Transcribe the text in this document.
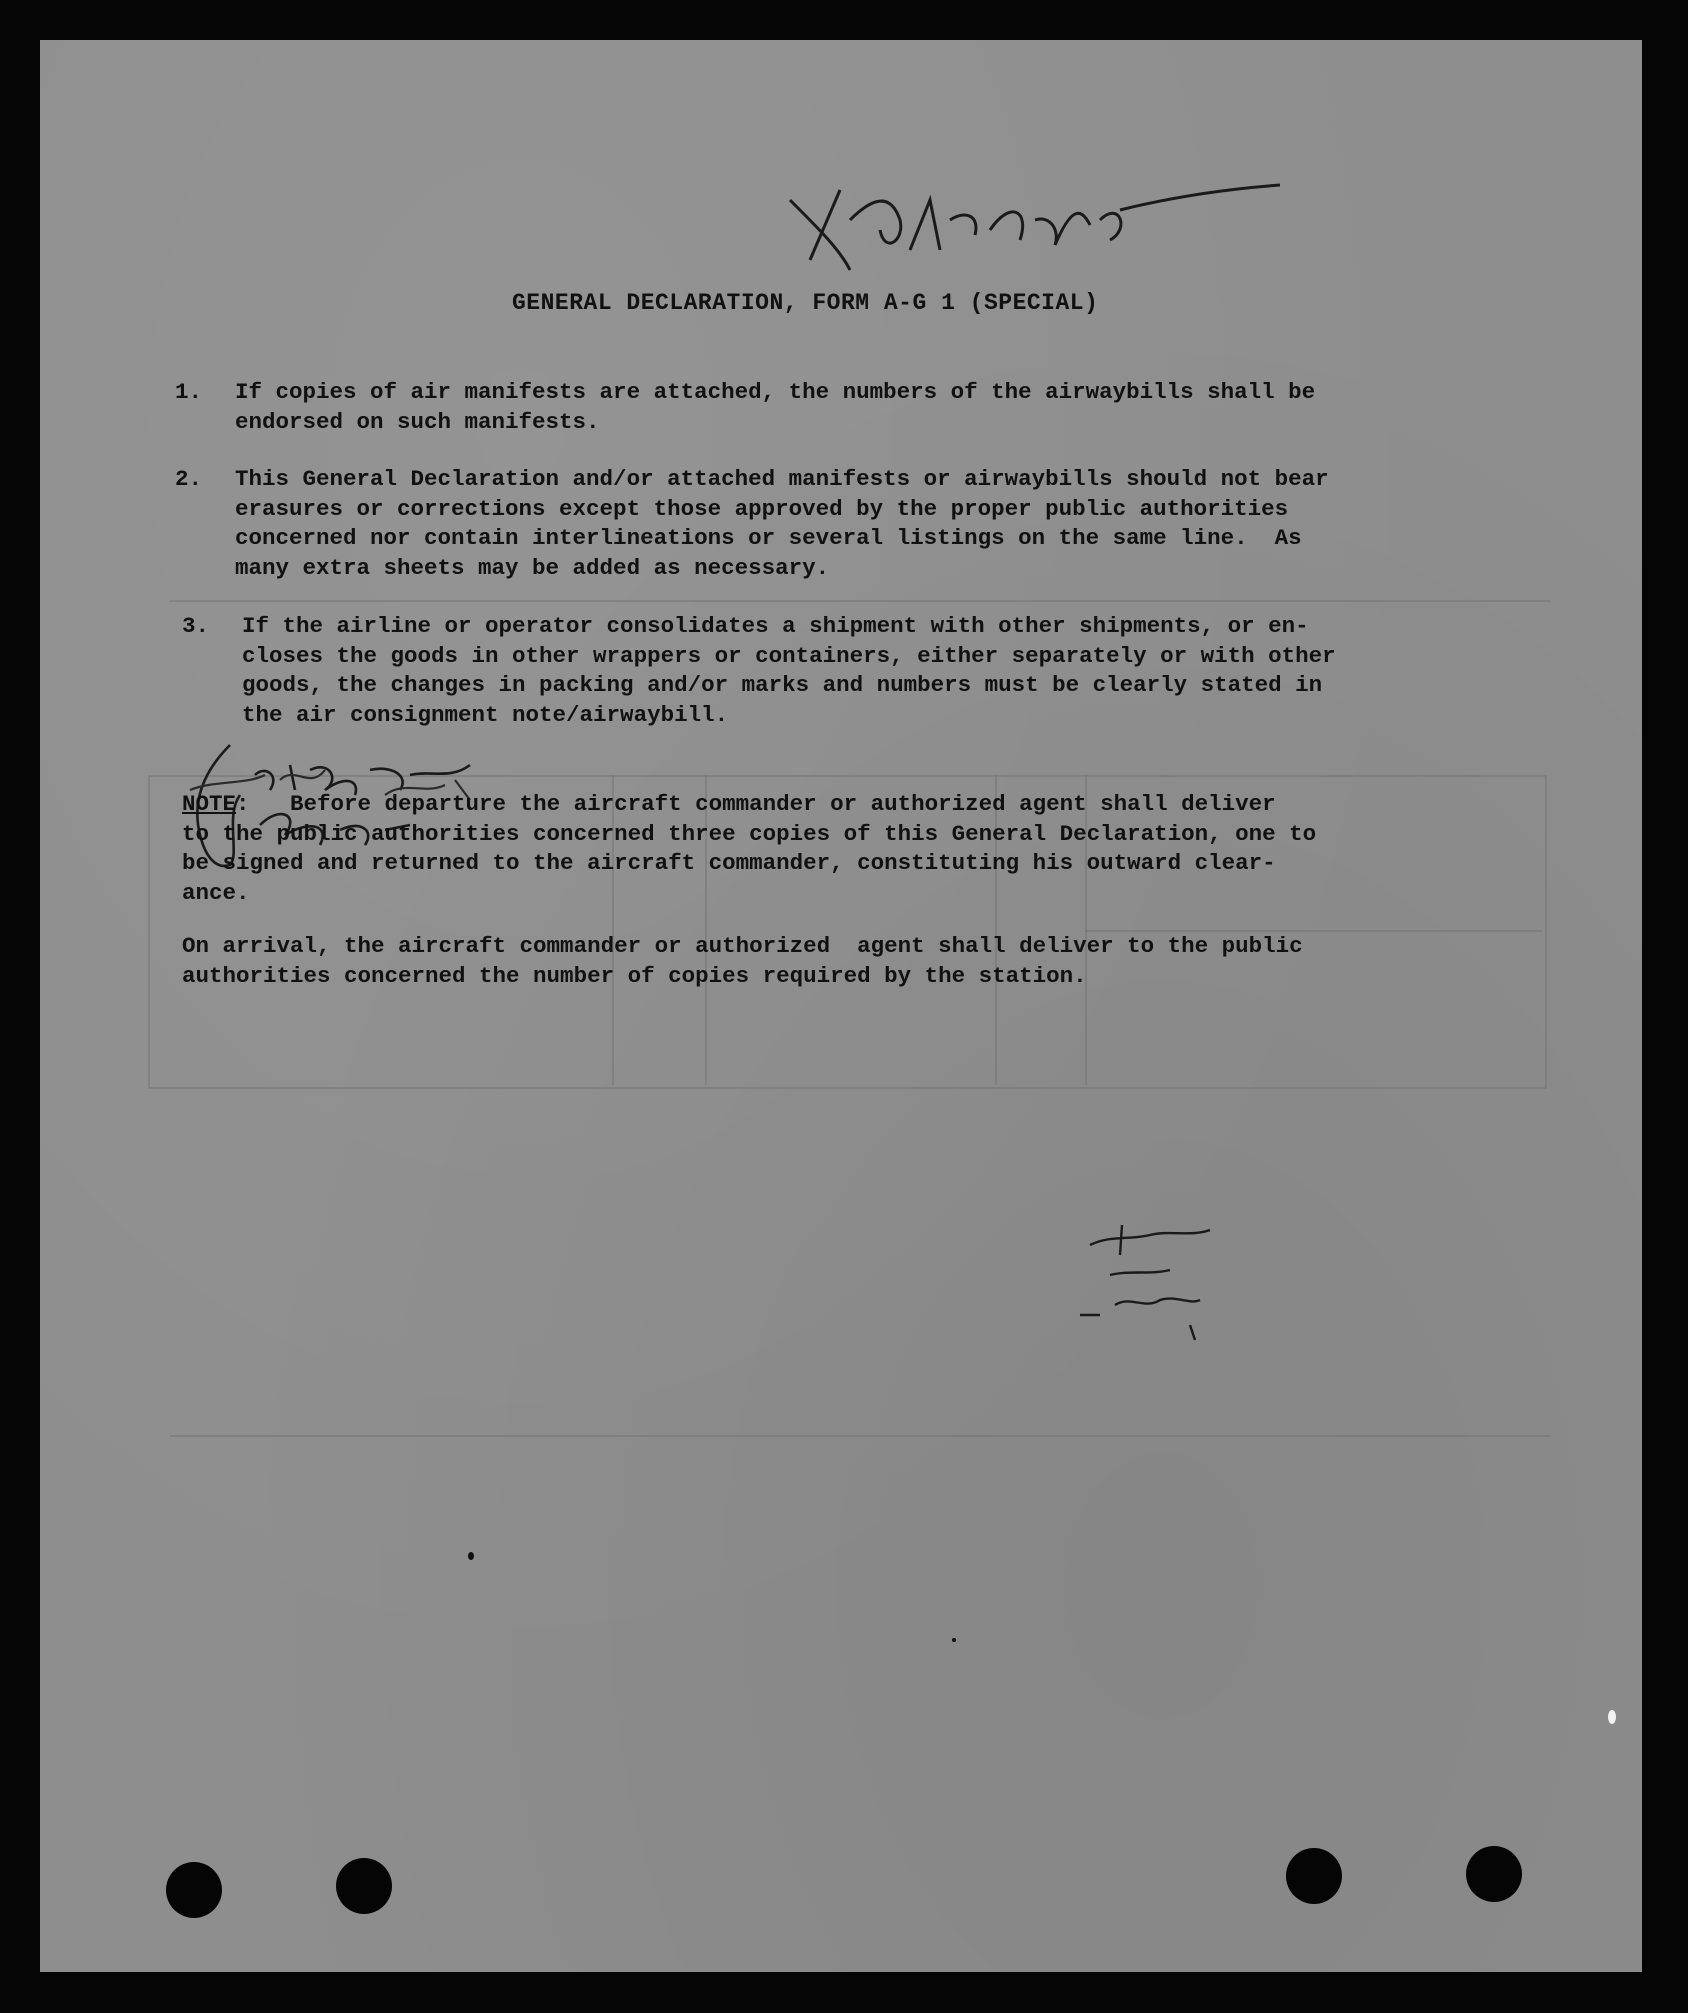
GENERAL DECLARATION, FORM A-G 1 (SPECIAL)
1. If copies of air manifests are attached, the numbers of the airwaybills shall be
endorsed on such manifests.
2. This General Declaration and/or attached manifests or airwaybills should not bear
erasures or corrections except those approved by the proper public authorities
concerned nor contain interlineations or several listings on the same line.  As
many extra sheets may be added as necessary.
3. If the airline or operator consolidates a shipment with other shipments, or en-
closes the goods in other wrappers or containers, either separately or with other
goods, the changes in packing and/or marks and numbers must be clearly stated in
the air consignment note/airwaybill.
NOTE:   Before departure the aircraft commander or authorized agent shall deliver
to the public authorities concerned three copies of this General Declaration, one to
be signed and returned to the aircraft commander, constituting his outward clear-
ance.
On arrival, the aircraft commander or authorized  agent shall deliver to the public
authorities concerned the number of copies required by the station.
